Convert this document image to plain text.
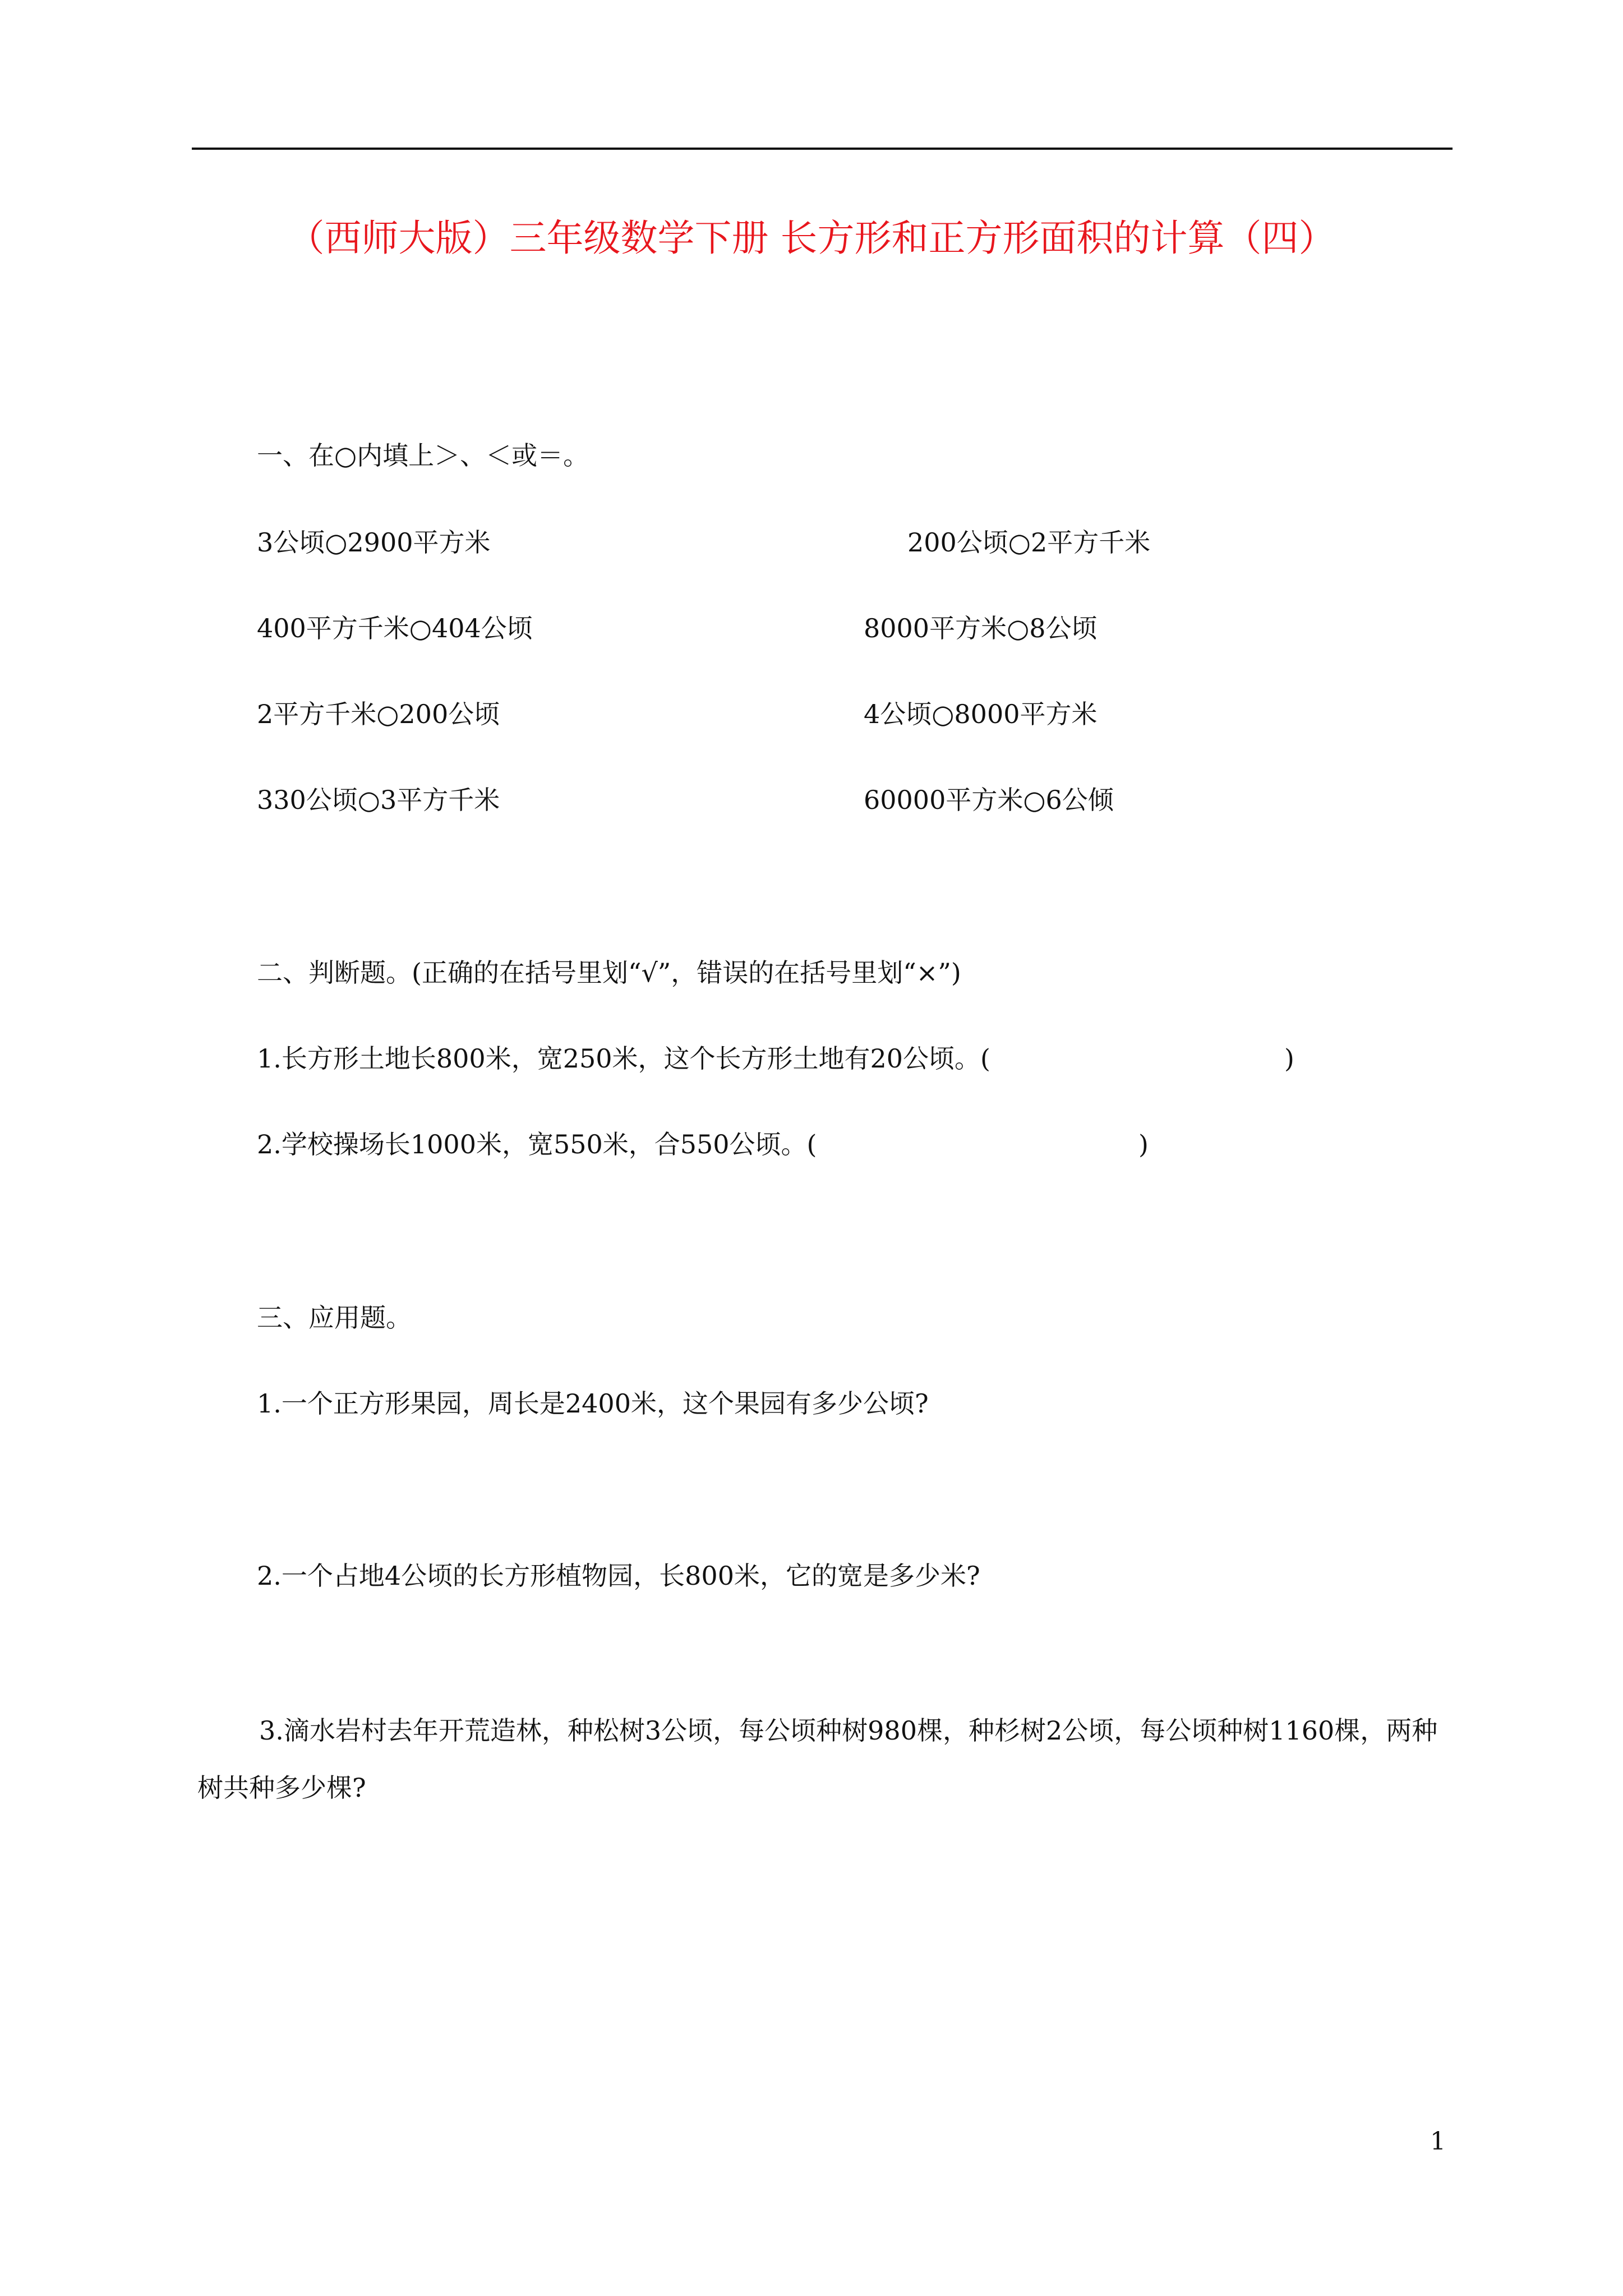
（西师大版）三年级数学下册 长方形和正方形面积的计算（四）
一、在○内填上＞、＜或＝。
3公顷○2900平方米	200公顷○2平方千米
400平方千米○404公顷	8000平方米○8公顷
2平方千米○200公顷	4公顷○8000平方米
330公顷○3平方千米	60000平方米○6公倾
二、判断题。(正确的在括号里划“√”，错误的在括号里划“×”)
1.长方形土地长800米，宽250米，这个长方形土地有20公顷。(	)
2.学校操场长1000米，宽550米，合550公顷。(	)
三、应用题。
1.一个正方形果园，周长是2400米，这个果园有多少公顷?
2.一个占地4公顷的长方形植物园，长800米，它的宽是多少米?
3.滴水岩村去年开荒造林，种松树3公顷，每公顷种树980棵，种杉树2公顷，每公顷种树1160棵，两种树共种多少棵?
1
